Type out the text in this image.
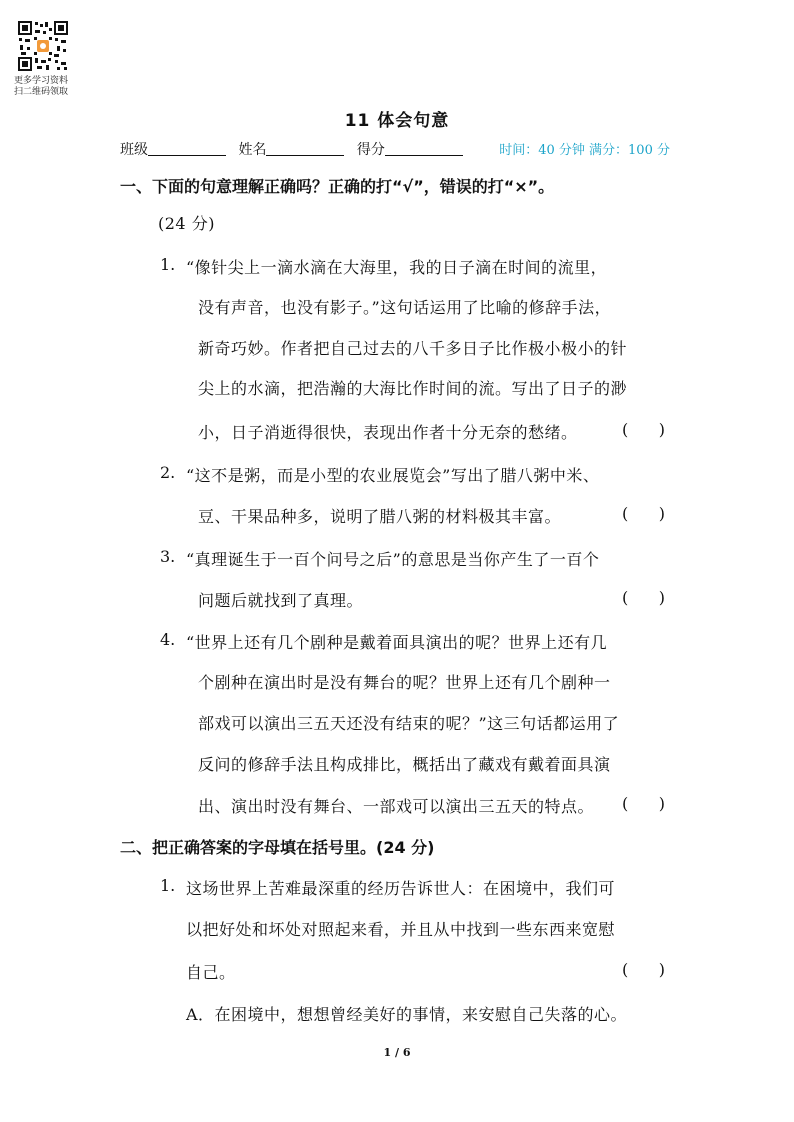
更多学习资料
扫二维码领取
11 体会句意
班级	姓名	得分	时间：40 分钟 满分：100 分
一、下面的句意理解正确吗？正确的打“√”，错误的打“×”。
(24 分)
1. “像针尖上一滴水滴在大海里，我的日子滴在时间的流里，
没有声音，也没有影子。”这句话运用了比喻的修辞手法，
新奇巧妙。作者把自己过去的八千多日子比作极小极小的针
尖上的水滴，把浩瀚的大海比作时间的流。写出了日子的渺
小，日子消逝得很快，表现出作者十分无奈的愁绪。	(      )
2. “这不是粥，而是小型的农业展览会”写出了腊八粥中米、
豆、干果品种多，说明了腊八粥的材料极其丰富。	(      )
3. “真理诞生于一百个问号之后”的意思是当你产生了一百个
问题后就找到了真理。	(      )
4. “世界上还有几个剧种是戴着面具演出的呢？世界上还有几
个剧种在演出时是没有舞台的呢？世界上还有几个剧种一
部戏可以演出三五天还没有结束的呢？”这三句话都运用了
反问的修辞手法且构成排比，概括出了藏戏有戴着面具演
出、演出时没有舞台、一部戏可以演出三五天的特点。 (      )
二、把正确答案的字母填在括号里。(24 分)
1. 这场世界上苦难最深重的经历告诉世人：在困境中，我们可
以把好处和坏处对照起来看，并且从中找到一些东西来宽慰
自己。	(      )
A．在困境中，想想曾经美好的事情，来安慰自己失落的心。
1 / 6
